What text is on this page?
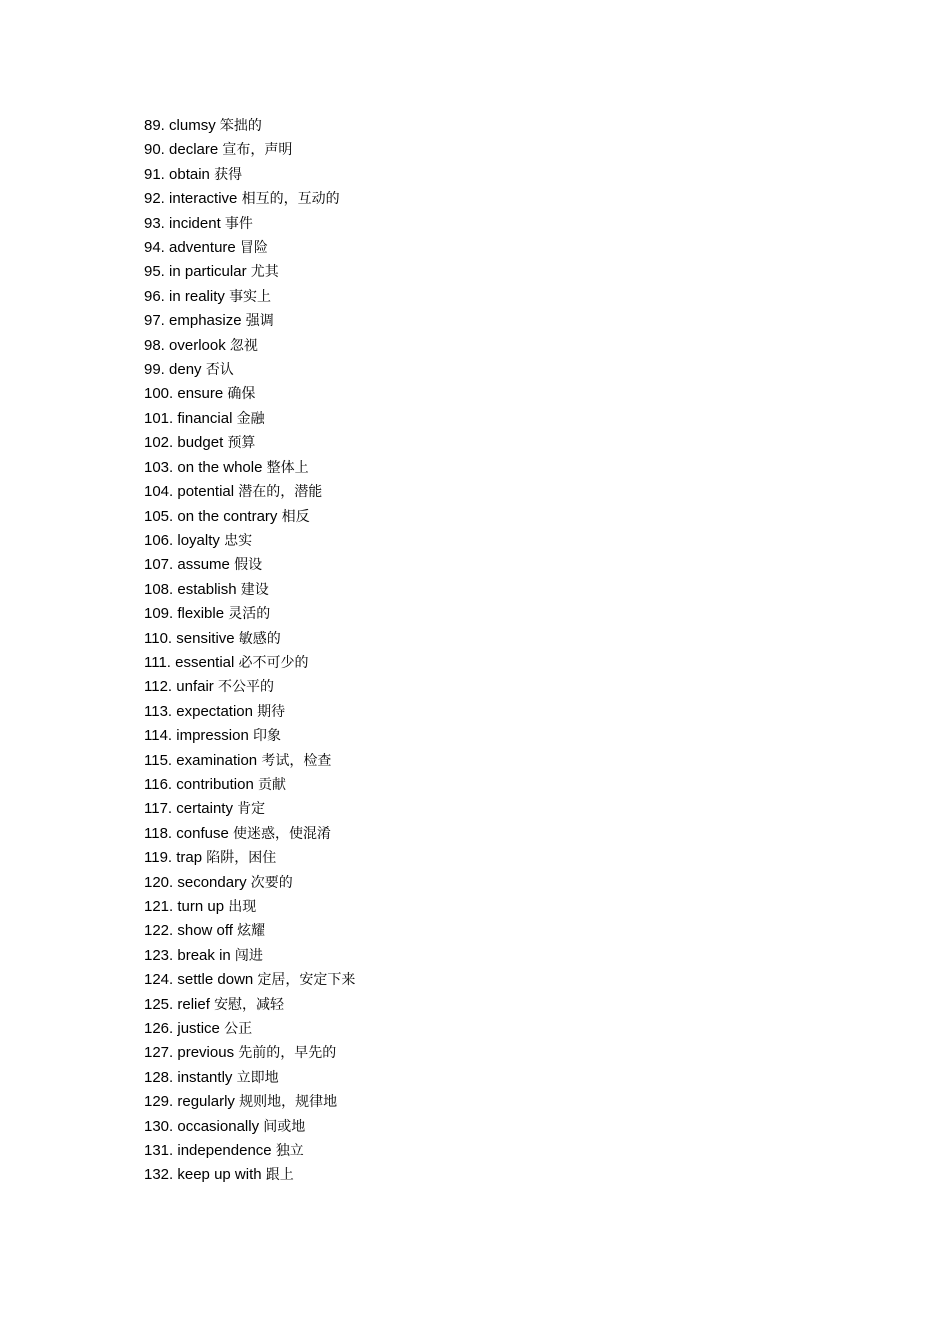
89. clumsy 笨拙的
90. declare 宣布，声明
91. obtain 获得
92. interactive 相互的，互动的
93. incident 事件
94. adventure 冒险
95. in particular 尤其
96. in reality 事实上
97. emphasize 强调
98. overlook 忽视
99. deny 否认
100. ensure 确保
101. financial 金融
102. budget 预算
103. on the whole 整体上
104. potential 潜在的，潜能
105. on the contrary 相反
106. loyalty 忠实
107. assume 假设
108. establish 建设
109. flexible 灵活的
110. sensitive 敏感的
111. essential 必不可少的
112. unfair 不公平的
113. expectation 期待
114. impression 印象
115. examination 考试，检查
116. contribution 贡献
117. certainty 肯定
118. confuse 使迷惑，使混淆
119. trap 陷阱，困住
120. secondary 次要的
121. turn up 出现
122. show off 炫耀
123. break in 闯进
124. settle down 定居，安定下来
125. relief 安慰，减轻
126. justice 公正
127. previous 先前的，早先的
128. instantly 立即地
129. regularly 规则地，规律地
130. occasionally 间或地
131. independence 独立
132. keep up with 跟上
